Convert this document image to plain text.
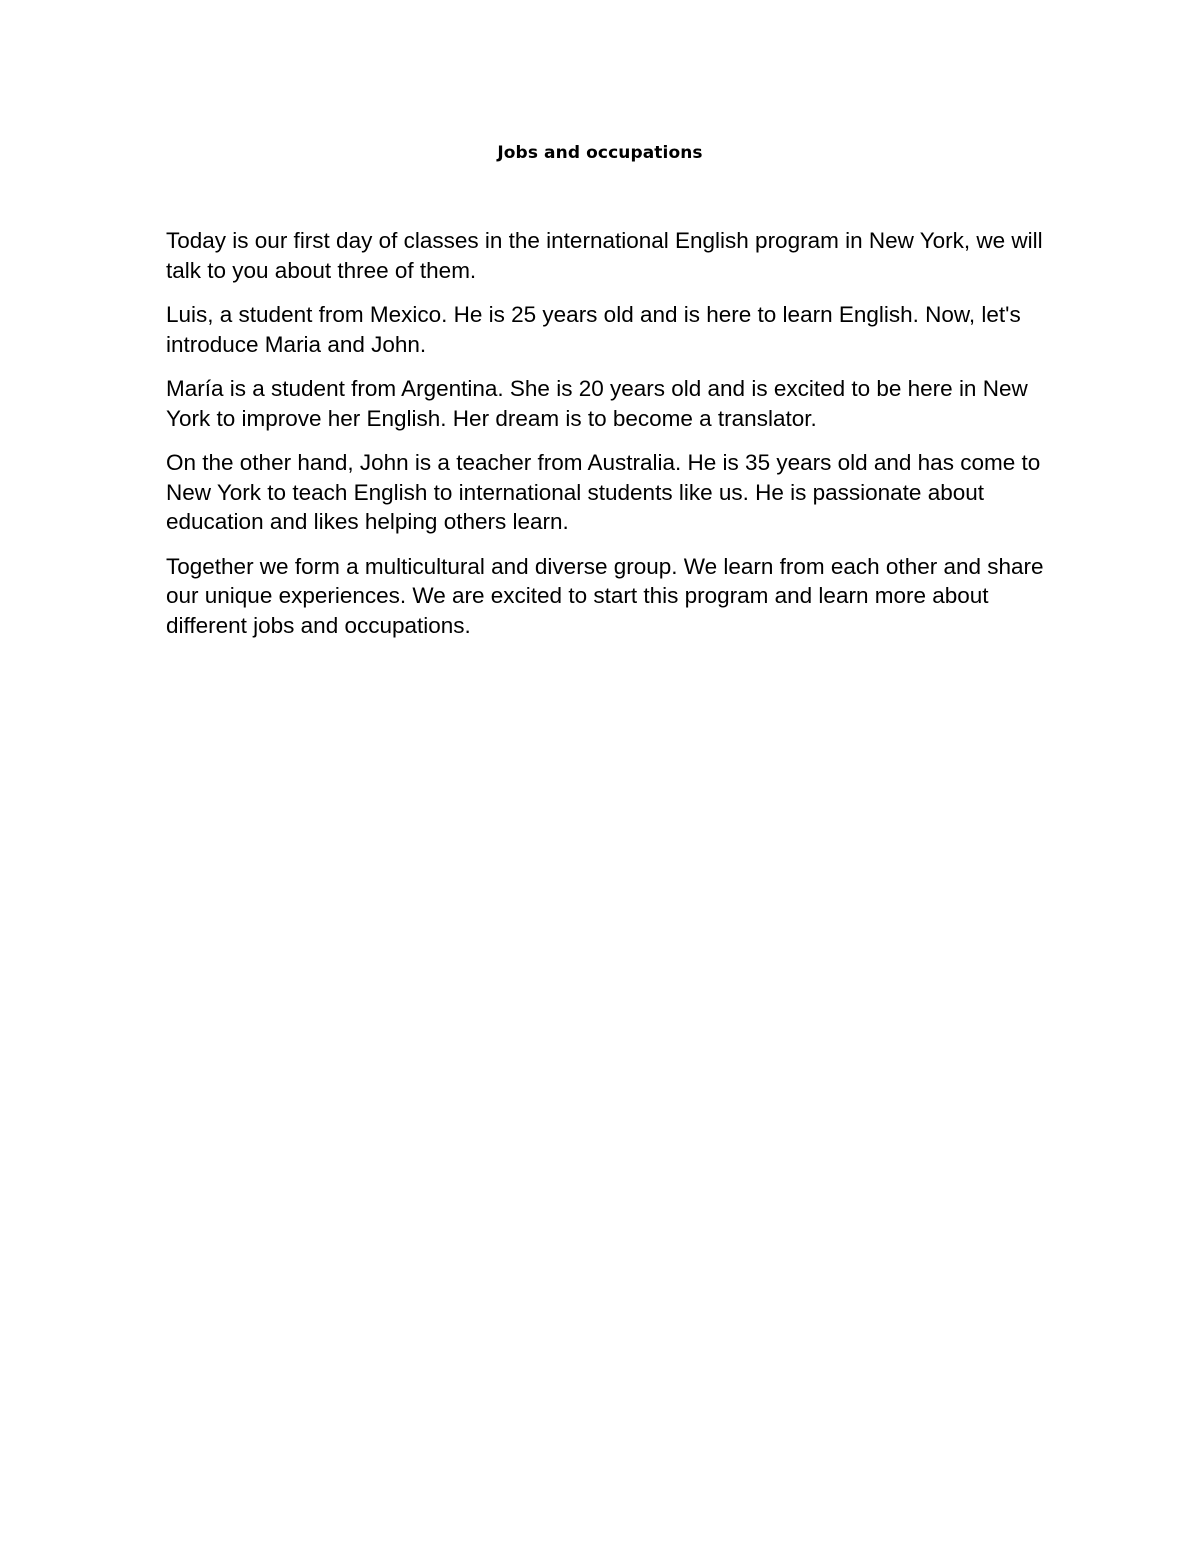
Jobs and occupations

Today is our first day of classes in the international English program in New York, we will talk to you about three of them.

Luis, a student from Mexico. He is 25 years old and is here to learn English. Now, let's introduce Maria and John.

María is a student from Argentina. She is 20 years old and is excited to be here in New York to improve her English. Her dream is to become a translator.

On the other hand, John is a teacher from Australia. He is 35 years old and has come to New York to teach English to international students like us. He is passionate about education and likes helping others learn.

Together we form a multicultural and diverse group. We learn from each other and share our unique experiences. We are excited to start this program and learn more about different jobs and occupations.
